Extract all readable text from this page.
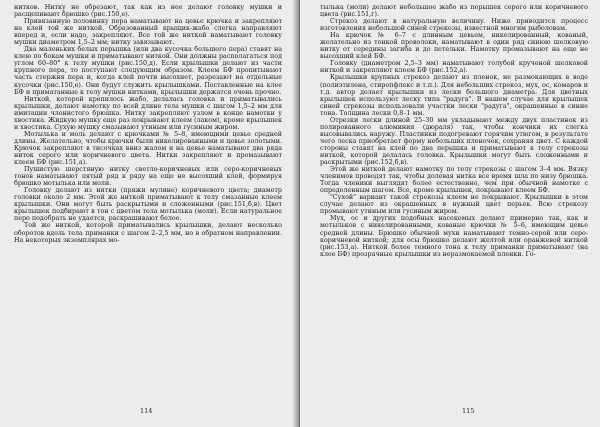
нитков. Нитку не обрезают, так как из нее делают головку мушки и расщепивают брюшко (рис.150,е).

Привязанную половинку пера наматывают на цевье крючка и закрепляют на клей той же ниткой. Образованный крыщик-жабо слегка направляют вперед и, если надо, закрепляют. Все той же ниткой наматывают головку мушки диаметром 1,5–2 мм; нитку завязывают.

Два маленьких белых перышка (или два кусочка большого пера) ставят на клею по бокам мушки и приматывают ниткой. Они должны располагаться под углом 60–80° к телу мушки (рис.150,д). Если крылышки делают из части крупного пера, то поступают следующим образом. Клеем БФ пропитывают часть стержня пера и, когда клей почти высохнет, разрезают на отдельные кусочки (рис.150,е). Они будут служить крылышками. Поставленные на клее БФ и приматанные к телу мушки нитками, крылышки держатся очень прочно.

Ниткой, которой крепилось жабо, делалась головка и приматывались крылышки, делают намотку по всей длине тела мушки с шагом 1,5–2 мм для имитации членистого брюшка. Нитку закрепляют узлом в конце намотки у хвостика. Жидкую мушку еще раз покрывают клеем (лаком), кроме крылышек и хвостика. Сухую мушку смазывают утиным или гусиным жиром.

Мотылька и моль делают с крючками № 5–8, имеющими цевье средней длины. Желательно, чтобы крючки были никелированными и цевье золотыми. Крючок закрепляют в тисочках вниз жалом и на цевье наматывают два ряда ниток серого или коричневого цвета. Нитки закрепляют и промазывают клеем БФ (рис.151,а).

Пушистую шерстяную нитку светло-коричневых или серо-коричневых тонов наматывают пятый ряд к ряду на еще не высохший клей, формируя брюшко мотылька или моли.

Головку делают из нитки (пряжи мулине) коричневого цвета; диаметр головки около 2 мм. Этой же ниткой приматывают к телу смазанные клеем крылышки. Они могут быть раскрытыми и сложенными (рис.151,б,в). Цвет крылышек подбирают в тон с цветом тела мотылька (моли). Если натуральное перо подобрать не удается, раскрашивают белое.

Той же ниткой, которой приматывались крылышки, делают несколько оборотов вдоль тела приманки с шагом 2–2,5 мм, но в обратном направлении. На некоторых экземплярах мо-

114

тылька (моли) делают небольшое жабо из перышек серого или коричневого цвета (рис.151,г).

Стрекоз делают в натуральную величину. Ниже приводится процесс изготовления небольшой синей стрекозы, известной многим рыболовам.

На крючок № 6–7 с длинным цевьем, никелированный, кованый, желательно из тонкой проволоки, наматывают в один ряд синюю шелковую нитку от середины загиба и до петельки. Намотку промазывают на еще не высохший клей БФ.

Головку (диаметром 2,5–3 мм) наматывают голубой крученой шелковой ниткой и закрепляют клеем БФ (рис.152,а).

Крылышки крупных стрекоз делают из пленок, не размокающих в воде (полиэтилена, стиропфлекс и т.п.). Для небольших стрекоз, мух, ос, комаров и т.д. автор делает крылышки из лески большого диаметра. Для цветных крылышек используют леску типа "радуга". В нашем случае для крылышек синей стрекозы использовали участки лески "радуга", окрашенные в синие тона. Толщина лески 0,8–1 мм.

Отрезки лески длиной 25–30 мм укладывают между двух пластинок из полированного алюминия (дюраля) так, чтобы кончики их слегка высовывались наружу. Пластинки подогревают горячим утюгом, в результате чего леска приобретает форму небольших пленочек, сохраняя цвет. С каждой стороны ставят на клей по два перышка и приматывают к телу стрекозы ниткой, которой делалась головка. Крылышки могут быть сложенными и раскрытыми (рис.152,б,в).

Этой же ниткой делают намотку по телу стрекозы с шагом 3–4 мм. Вязку членимов проводят так, чтобы долевая нитка все время шла по низу брюшка. Тогда членики выглядят более естественно, чем при обычной намотке с определенным шагом. Все, кроме крылышек, покрывают клеем БФ.

"Сухой" вариант такой стрекозы клеем не покрывают. Крылышки в этом случае делают из окрашенных в нужный цвет перьев. Всю стрекозу промывают утиным или гусиным жиром.

Мух, ос и других подобных насекомых делают примерно так, как и мотыльков с никелированными, кованые крючки № 5–6, имеющим цевье средней длины. Брюшко обычной мухи наматывают темно-серой или серо-коричневой ниткой; для осы брюшко делают желтой или оранжевой ниткой (рис.153,а). Ниткой более темного тона к телу приманки приматывают (на клее БФ) прозрачные крылышки из неразмокаемой пленки. Го-

115
